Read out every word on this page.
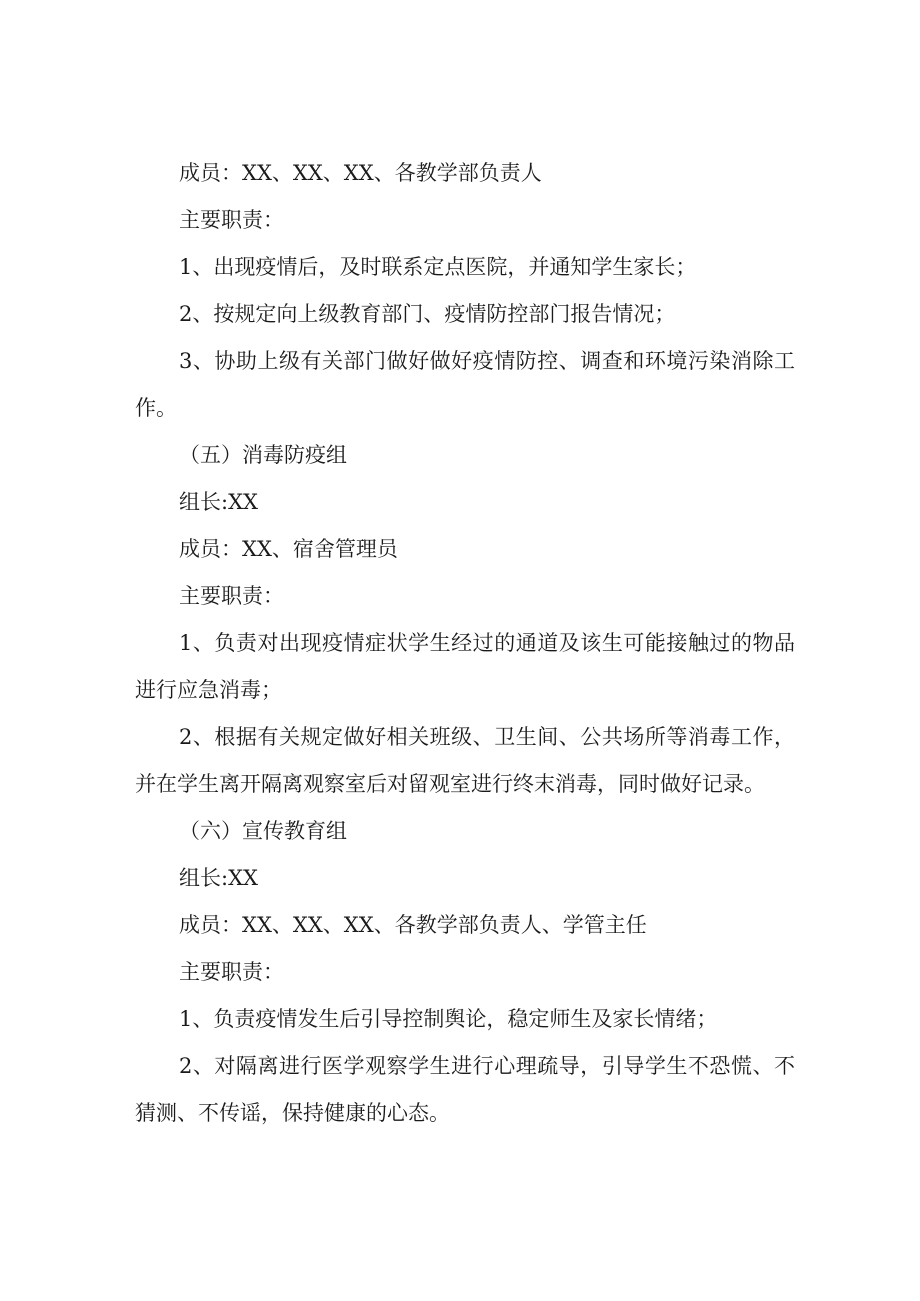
成员：XX、XX、XX、各教学部负责人

主要职责：

1、出现疫情后，及时联系定点医院，并通知学生家长；

2、按规定向上级教育部门、疫情防控部门报告情况；

3、协助上级有关部门做好做好疫情防控、调查和环境污染消除工作。

（五）消毒防疫组

组长:XX

成员：XX、宿舍管理员

主要职责：

1、负责对出现疫情症状学生经过的通道及该生可能接触过的物品进行应急消毒；

2、根据有关规定做好相关班级、卫生间、公共场所等消毒工作，并在学生离开隔离观察室后对留观室进行终末消毒，同时做好记录。

（六）宣传教育组

组长:XX

成员：XX、XX、XX、各教学部负责人、学管主任

主要职责：

1、负责疫情发生后引导控制舆论，稳定师生及家长情绪；

2、对隔离进行医学观察学生进行心理疏导，引导学生不恐慌、不猜测、不传谣，保持健康的心态。
